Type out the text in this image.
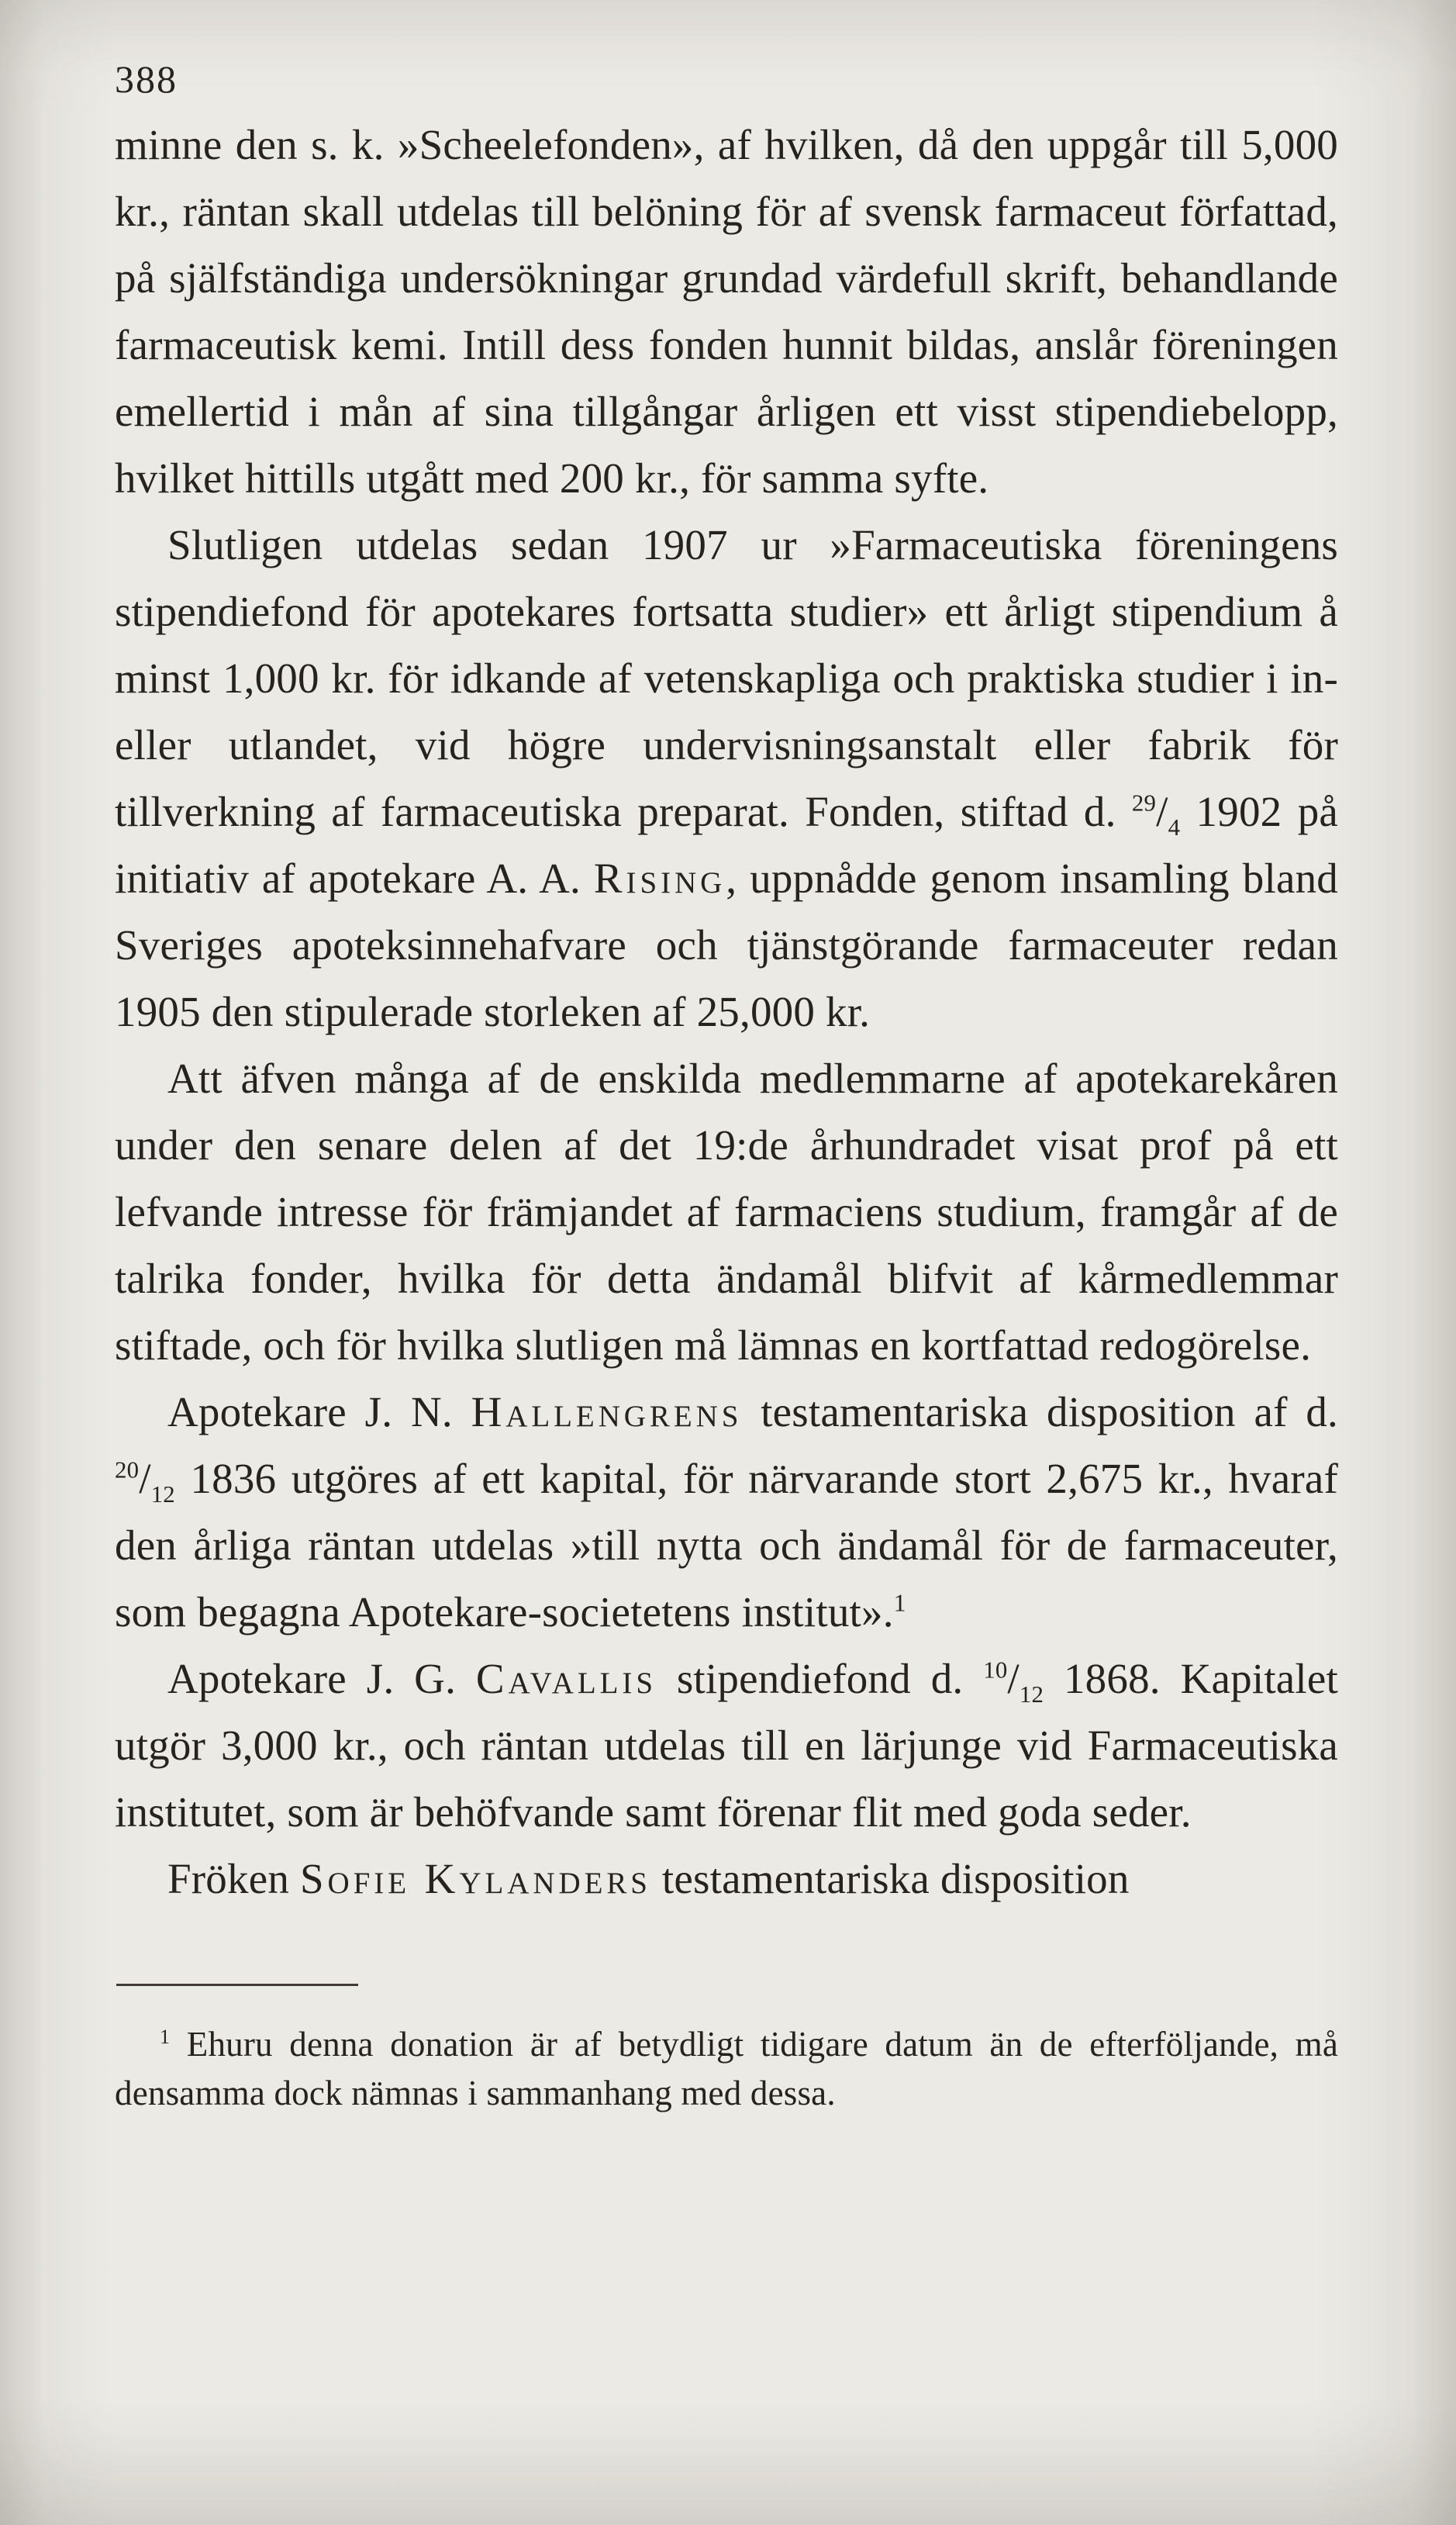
388

minne den s. k. »Scheelefonden», af hvilken, då den uppgår till 5,000 kr., räntan skall utdelas till belöning för af svensk farmaceut författad, på själfständiga undersökningar grundad värdefull skrift, behandlande farmaceutisk kemi. Intill dess fonden hunnit bildas, anslår föreningen emellertid i mån af sina tillgångar årligen ett visst stipendiebelopp, hvilket hittills utgått med 200 kr., för samma syfte.

Slutligen utdelas sedan 1907 ur »Farmaceutiska föreningens stipendiefond för apotekares fortsatta studier» ett årligt stipendium å minst 1,000 kr. för idkande af vetenskapliga och praktiska studier i in- eller utlandet, vid högre undervisningsanstalt eller fabrik för tillverkning af farmaceutiska preparat. Fonden, stiftad d. $^{29}/_4$ 1902 på initiativ af apotekare A. A. Rising, uppnådde genom insamling bland Sveriges apoteksinnehafvare och tjänstgörande farmaceuter redan 1905 den stipulerade storleken af 25,000 kr.

Att äfven många af de enskilda medlemmarne af apotekarekåren under den senare delen af det 19:de århundradet visat prof på ett lefvande intresse för främjandet af farmaciens studium, framgår af de talrika fonder, hvilka för detta ändamål blifvit af kårmedlemmar stiftade, och för hvilka slutligen må lämnas en kortfattad redogörelse.

Apotekare J. N. Hallengrens testamentariska disposition af d. $^{20}/_{12}$ 1836 utgöres af ett kapital, för närvarande stort 2,675 kr., hvaraf den årliga räntan utdelas »till nytta och ändamål för de farmaceuter, som begagna Apotekare-societetens institut».$^1$

Apotekare J. G. Cavallis stipendiefond d. $^{10}/_{12}$ 1868. Kapitalet utgör 3,000 kr., och räntan utdelas till en lärjunge vid Farmaceutiska institutet, som är behöfvande samt förenar flit med goda seder.

Fröken Sofie Kylanders testamentariska disposition

$^1$ Ehuru denna donation är af betydligt tidigare datum än de efterföljande, må densamma dock nämnas i sammanhang med dessa.
